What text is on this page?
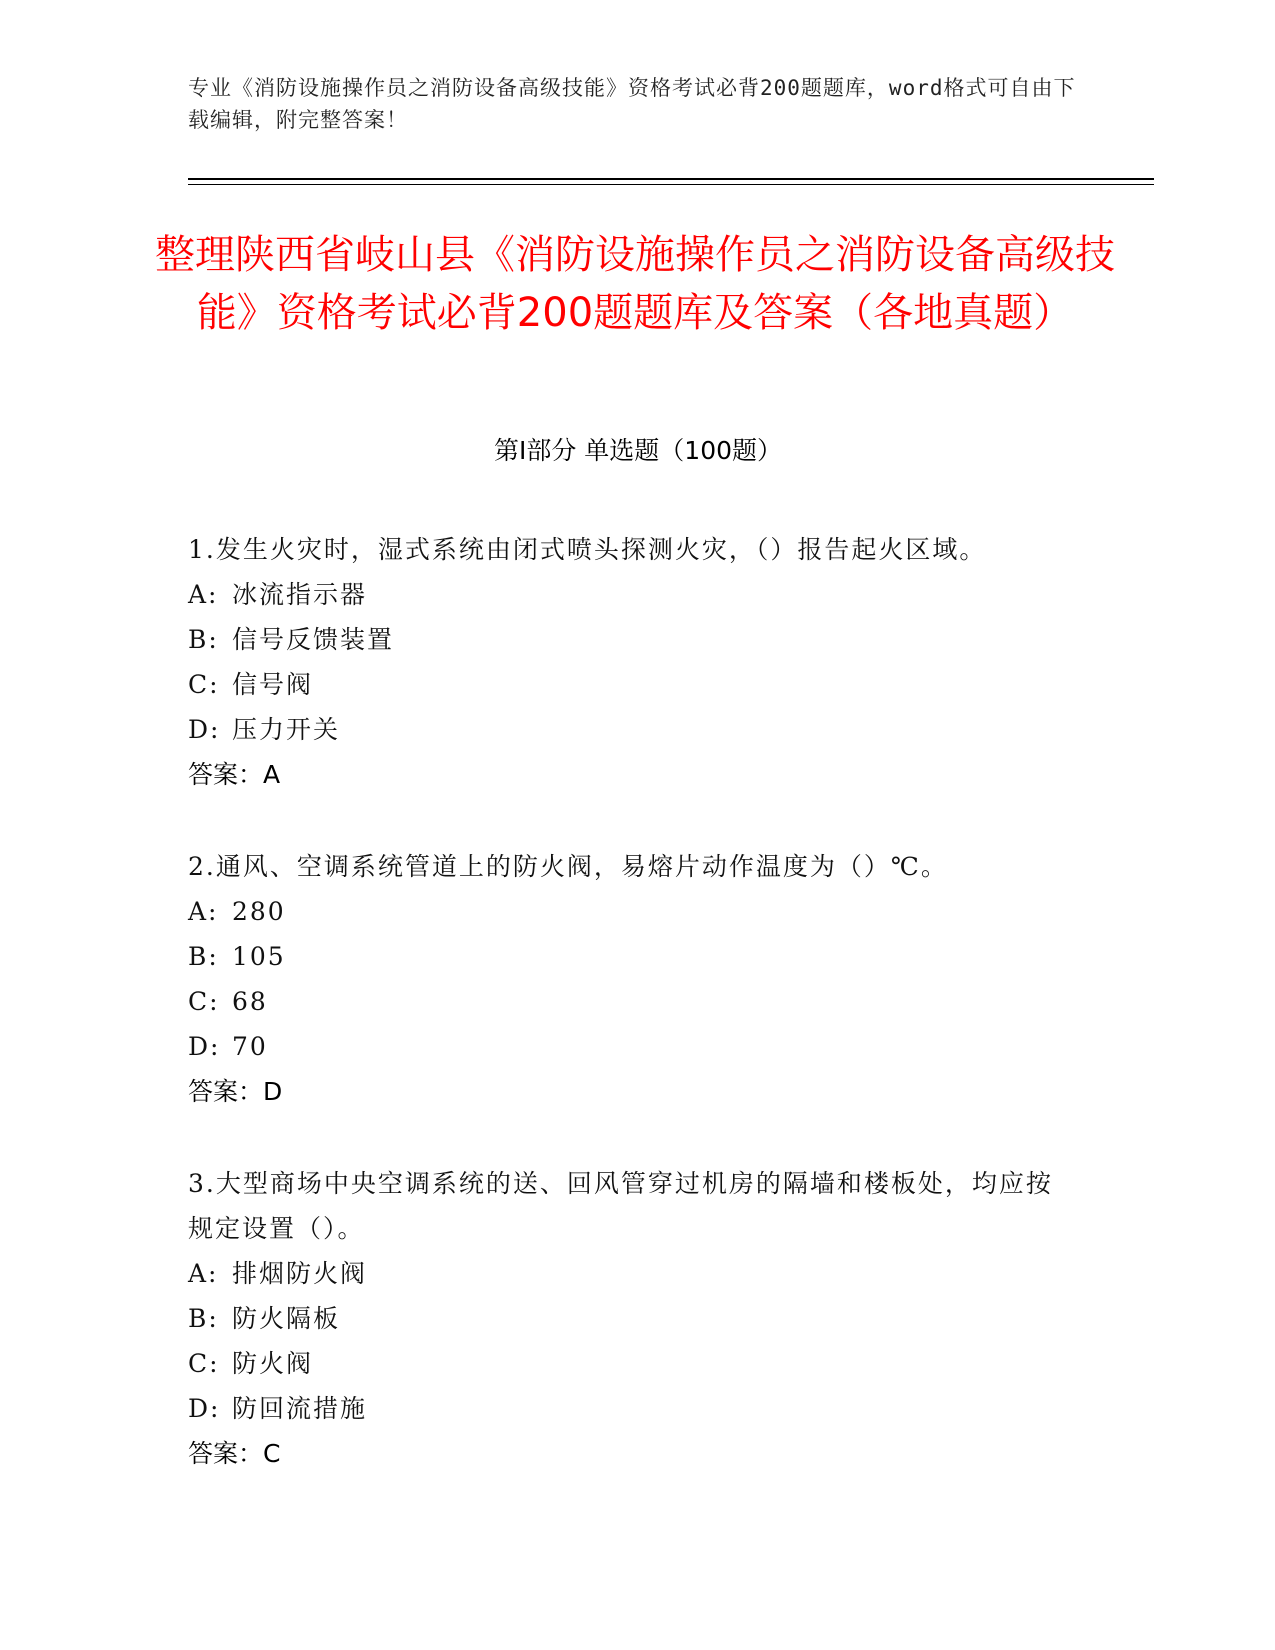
专业《消防设施操作员之消防设备高级技能》资格考试必背200题题库，word格式可自由下载编辑，附完整答案！
整理陕西省岐山县《消防设施操作员之消防设备高级技能》资格考试必背200题题库及答案（各地真题）
第Ⅰ部分 单选题（100题）

1.发生火灾时，湿式系统由闭式喷头探测火灾，（）报告起火区域。

A: 冰流指示器

B: 信号反馈装置

C: 信号阀

D: 压力开关

答案：A

2.通风、空调系统管道上的防火阀，易熔片动作温度为（）℃。

A: 280

B: 105

C: 68

D: 70

答案：D

3.大型商场中央空调系统的送、回风管穿过机房的隔墙和楼板处，均应按规定设置（）。

A: 排烟防火阀

B: 防火隔板

C: 防火阀

D: 防回流措施

答案：C
